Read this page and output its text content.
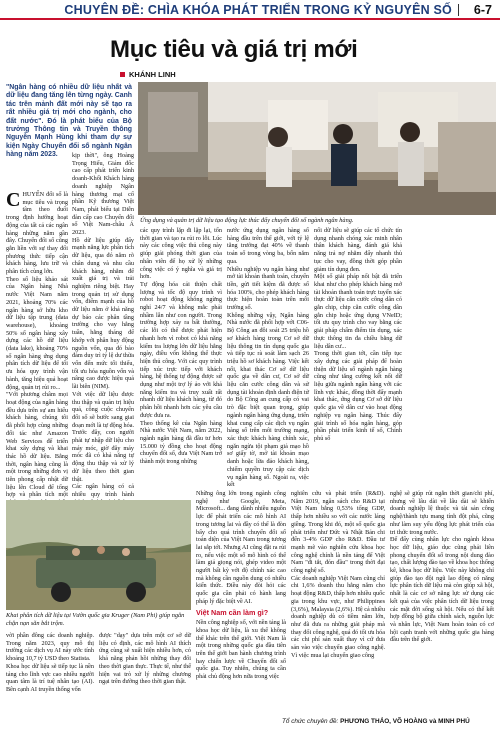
CHUYÊN ĐỀ: CHÌA KHÓA PHÁT TRIỂN TRONG KỶ NGUYÊN SỐ 6-7
Mục tiêu và giá trị mới
KHÁNH LINH
"Ngân hàng có nhiều dữ liệu nhất và dữ liệu đang tăng lên từng ngày. Canh tác trên mảnh đất mới này sẽ tạo ra rất nhiều giá trị mới cho ngành, cho đất nước". Đó là phát biểu của Bộ trưởng Thông tin và Truyền thông Nguyễn Mạnh Hùng khi tham dự sự kiện Ngày Chuyển đổi số ngành Ngân hàng năm 2023.

CHUYỂN đổi số là mục tiêu và trọng tâm theo đuổi trong định hướng hoạt động của tất cả các ngân hàng những năm gần đây. Chuyển đổi số cũng gắn liền với sự thay đổi phương thức tiếp cận khách hàng, lưu trữ và phân tích cùng lớn.

Theo số liệu khảo sát của Ngân hàng Nhà nước Việt Nam năm 2021, khoảng 70% các ngân hàng sở hữu kho dữ liệu tập trung (data warehouse), khoảng 50% số ngân hàng xây dựng các hồ dữ liệu (data lake), khoảng 70% số ngân hàng ứng dụng phân tích dữ liệu để tối ưu hóa quy trình vận hành, tăng hiệu quả hoạt động, quản trị rủi ro...

"Với phương châm mọi hoạt động của ngân hàng đều dựa trên sự am hiểu khách hàng, chúng tôi đã phối hợp cùng những đối tác như Amazon Web Services để triển khai xây dựng và khai thác hồ dữ liệu. Bằng thời, ngân hàng cũng là một trong những đơn vị tiên phong cấp nhật dữ liệu lên Cloud để tổng hợp và phân tích một

kịp thời", ông Hoàng Trọng Hiếu, Giám đốc cao cấp phát triển kinh doanh-Khối Khách hàng doanh nghiệp Ngân hàng thương mại cổ phần Kỹ thương Việt Nam, phát biểu tại Diễn đàn cấp cao Chuyển đổi số Việt Nam-châu Á 2023.

Hồ dữ liệu giúp đẩy mạnh năng lực phân tích dữ liệu, qua đó năm rõ chân dung và nhu cầu khách hàng, nhằm để xuất giá trị và trải nghiệm riêng biệt. Hay trong quản trị sử dụng vốn, điểm mạnh của hồ dữ liệu nằm ở khả năng dự báo các phân tầng trường cho vay hằng tuần, hằng tháng để khớp với phân huy động nguồn vốn, qua đó bảo đảm duy trì tỷ lệ dư thừa vốn đến mức tối thiểu, tối ưu hóa nguồn vốn và nâng cao được hiệu quả lãi biên (NIM).

Với việc dữ liệu được thu thập và quản trị hiệu quả, công cuộc chuyển đổi số sẽ bước sang giai đoạn mới là tự động hóa. Trước đây, con người phải tự nhập dữ liệu cho máy móc, giờ đây máy móc đã có khả năng tự động thu thập và xử lý dữ liệu theo thời gian thật.

Các ngân hàng có cả nhiều quy trình hành

Ứng dụng và quản trị dữ liệu tạo động lực thúc đẩy chuyển đổi số ngành ngân hàng.

các quy trình lặp đi lặp lại, tốn thời gian và tạo ra rủi ro lỗi. Lúc này các công việc thủ công này giúp giải phóng thời gian của nhân viên để họ xử lý những công việc có ý nghĩa và giá trị hơn.

Tự động hóa cải thiện chất lượng và tốc độ quy trình vì robot hoạt động không ngừng nghỉ 24/7 và không mắc phải nhầm lẫn như con người. Trong trường hợp xảy ra bất thường, các lỗi có thể được phát hiện nhanh hơn vì robot có khả năng kiểm tra lượng lớn dữ liệu hằng ngày, điều vốn không thể thực hiện thủ công. Với các quy trình tiếp xúc trực tiếp với khách hàng, hệ thống tự động được sử dụng như một trợ lý ảo với khả năng kiểm tra và truy xuất rất nhanh dữ liệu khách hàng, từ đó phân hồi nhanh hơn các yêu cầu được đưa ra.

Theo thống kê của Ngân hàng Nhà nước Việt Nam, năm 2022, ngành ngân hàng đã đầu tư hơn 15.000 tỷ đồng cho hoạt động chuyển đổi số, đưa Việt Nam trở thành một trong những

nước ứng dụng ngân hàng số hàng đầu trên thế giới, với tỷ lệ tăng trưởng đạt 40% về thanh toán số trong vòng ba, bốn năm qua.

Nhiều nghiệp vụ ngân hàng như mở tài khoản thanh toán, chuyển tiền, gửi tiết kiệm đã được số hóa 100%, cho phép khách hàng thực hiện hoàn toàn trên môi trường số.

Không những vậy, Ngân hàng Nhà nước đã phối hợp với C06-Bộ Công an đôi soát 25 triệu hồ sơ khách hàng trong Cơ sở dữ liệu thông tin tín dụng quốc gia và tiếp tục rà soát làm sạch 26 triệu hồ sơ khách hàng. Việc kết nối, khai thác Cơ sở dữ liệu quốc gia về dân cư, Cơ sở dữ liệu căn cước công dân và sử dụng tài khoản định danh điện tử do Bộ Công an cung cấp có vai trò đặc biệt quan trọng, giúp ngành ngân hàng ứng dụng, triển khai cung cấp các dịch vụ ngân hàng số trên môi trường mạng, xác thực khách hàng chính xác, ngăn ngừa tội phạm giả mạo hồ sơ giấy tờ, mở tài khoản mạo danh hoặc lừa đảo khách hàng, chiếm quyền truy cập các dịch vụ ngân hàng số. Ngoài ra, việc kết

nối dữ liệu sẽ giúp các tổ chức tín dụng nhanh chóng xác minh nhân thân khách hàng, đánh giá khả năng trả nợ nhằm đẩy nhanh thủ tục cho vay, đồng thời góp phần giảm tín dụng đen.

Một số giải pháp nổi bật đã triển khai như cho phép khách hàng mở tài khoản thanh toán trực tuyến xác thực dữ liệu căn cước công dân có gắn chip, chip căn cước công dân gắn chip hoặc ứng dụng VNeID; tối ưu quy trình cho vay bằng các giải pháp chấm điểm tín dụng, xác thực thông tin đa chiều bằng dữ liệu dân cư...

Trong thời gian tới, cần tiếp tục xây dựng các giải pháp để hoàn thiện dữ liệu số ngành ngân hàng cũng như tăng cường kết nối dữ liệu giữa ngành ngân hàng với các lĩnh vực khác, đồng thời đẩy mạnh khai thác, ứng dụng Cơ sở dữ liệu quốc gia về dân cư vào hoạt động nghiệp vụ ngân hàng. Thúc đẩy giải trình số hóa ngân hàng, góp phần phát triển kinh tế số, Chính phủ số

Những ông lớn trong ngành công nghệ như Google, Meta, Microsoft... đang dành nhiều nguồn lực để phát triển các mô hình AI trong tương lai và đầy có thể là đòn bẩy cho quá trình chuyển đổi số toàn diện của Việt Nam trong tương lai sắp tới. Nhưng AI cũng đặt ra rủi ro, nếu việc một số mô hình có thể làm giả giọng nói, ghép video một người bất kỳ với độ chính xác cao mà không cần nguồn dung có nhiều kiến thức. Điều này đòi hỏi các quốc gia cần phải có hành lang pháp lý đặc biệt về AI.

Việt Nam cần làm gì?

Nền công nghiệp số, với nền tảng là khoa học dữ liệu, là xu thế không thể khác trên thế giới. Việt Nam là một trong những quốc gia đầu tiên trên thế giới ban hành chương trình hay chiến lược về Chuyển đổi số quốc gia. Tuy nhiên, chúng ta cần phải chủ động hơn nữa trong việc

nghiên cứu và phát triển (R&D). Năm 2019, ngân sách cho R&D tại Việt Nam bằng 0,53% tổng GDP, thấp hơn nhiều so với các nước láng giềng. Trong khi đó, một số quốc gia phát triển như Đức và Nhật Bản chi đến 3-4% GDP cho R&D. Đầu tư mạnh mẽ vào nghiên cứu khoa học công nghệ chính là nền tảng để Việt Nam "đi tắt, đón đầu" trong thời đại công nghệ số.

Các doanh nghiệp Việt Nam cũng chỉ chi 1,6% doanh thu hằng năm cho hoạt động R&D, thấp hơn nhiều quốc gia trong khu vực, như Philippines (3,6%), Malaysia (2,6%). Hệ cả nhiều doanh nghiệp dù có tiềm năm lớn, như đã đưa ra những giải pháp mà thay đổi công nghệ, quá đó tối ưu hóa các chi phí sản xuất thay vì cứ đưa sản vào việc chuyển giao công nghệ. Vì việc mua lại chuyển giao công

nghệ sẽ giúp rút ngắn thời gian/chi phí, nhưng về lâu dài về lâu dài sẽ khiến doanh nghiệp lệ thuộc và tài sản công nghệ/thành tựu mang tính đột phá, cũng như làm suy yếu động lực phát triển của tri thức trong nước.

Để đẩy cùng nhân lực cho ngành khoa học dữ liệu, giáo dục cũng phải liên phong chuyển đổi số trong nội dung đào tạo, chất lượng đào tạo về khoa học thống kê, khoa học dữ liệu. Việc này không chỉ giúp đào tạo đội ngũ lao động có năng lực phân tích dữ liệu mà còn giúp xã hội, nhất là các cơ sở năng lực sử dụng các kết quả của việc phân tích dữ liệu trong các mặt đời sống xã hội. Nếu có thể kết hợp đồng bộ giữa chính sách, nguồn lực và nhân lực, Việt Nam hoàn toàn có cơ hội cạnh tranh với những quốc gia hàng đầu trên thế giới.

Khai phân tích dữ liệu tại Vườn quốc gia Kruger (Nam Phi) giúp ngăn chặn nạn săn bắt trộm.

vời phần đông các doanh nghiệp. Trong năm 2023, quy mô thị trường các dịch vụ AI này ước tính khoảng 10,7 tỷ USD theo Statista.

Khoa học dữ liệu sẽ tiếp tục là nền tảng cho lĩnh vực cao nhiều người quan tâm là trí tuệ nhân tạo (AI). Bên cạnh AI truyền thống vốn

được "dạy" dựa trên một cơ sở dữ liệu có định, các mô hình AI thích ứng cùng sẽ xuất hiện nhiều hơn, có khả năng phản hồi những thay đổi theo thời gian thực. Thực tế, như thế hiện vai trò xử lý những chương ngại trên đường theo thời gian thật.

Tổ chức chuyên đề: PHƯƠNG THẢO, VÕ HOÀNG và MINH PHÚ
